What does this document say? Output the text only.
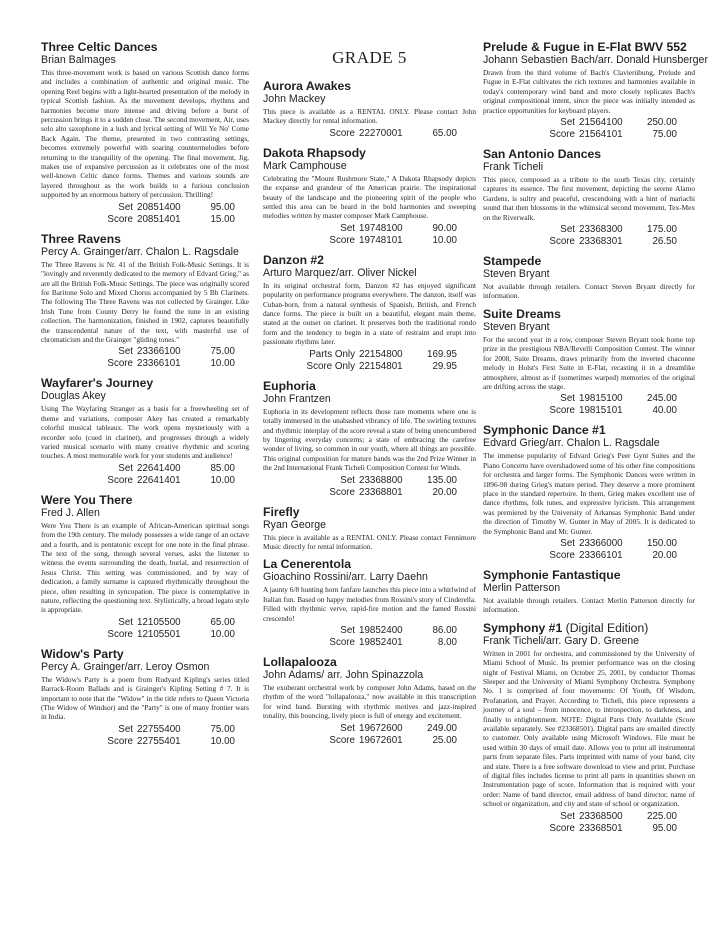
Three Celtic Dances
Brian Balmages
This three-movement work is based on various Scottish dance forms and includes a combination of authentic and original music. The opening Reel begins with a light-hearted presentation of the melody in typical Scottish fashion. As the movement develops, rhythms and harmonies become more intense and driving before a burst of percussion brings it to a sudden close. The second movement, Air, uses solo alto saxophone in a lush and lyrical setting of Will Ye No' Come Back Again. The theme, presented in two contrasting settings, becomes extremely powerful with soaring countermelodies before returning to the tranquility of the opening. The final movement, Jig, makes use of expansive percussion as it celebrates one of the most well-known Celtic dance forms. Themes and various sounds are layered throughout as the work builds to a furious conclusion supported by an enormous battery of percussion. Thrilling!
Set 20851400	95.00
Score 20851401	15.00
Three Ravens
Percy A. Grainger/arr. Chalon L. Ragsdale
The Three Ravens is Nr. 41 of the British Folk-Music Settings. It is "lovingly and reverently dedicated to the memory of Edvard Grieg," as are all the British Folk-Music Settings. The piece was originally scored for Baritone Solo and Mixed Chorus accompanied by 5 Bb Clarinets. The following The Three Ravens was not collected by Grainger. Like Irish Tune from County Derry he found the tune in an existing collection. The harmonization, finished in 1902, captures beautifully the transcendental nature of the text, with masterful use of chromaticism and the Grainger "gliding tones."
Set 23366100	75.00
Score 23366101	10.00
Wayfarer's Journey
Douglas Akey
Using The Wayfaring Stranger as a basis for a freewheeling set of theme and variations, composer Akey has created a remarkably colorful musical tableaux. The work opens mysteriously with a recorder solo (cued in clarinet), and progresses through a widely varied musical scenario with many creative rhythmic and scoring touches. A most memorable work for your students and audience!
Set 22641400	85.00
Score 22641401	10.00
Were You There
Fred J. Allen
Were You There is an example of African-American spiritual songs from the 19th century. The melody possesses a wide range of an octave and a fourth, and is pentatonic except for one note in the final phrase. The text of the song, through several verses, asks the listener to witness the events surrounding the death, burial, and resurrection of Jesus Christ. This setting was commissioned, and by way of dedication, a family surname is captured rhythmically throughout the piece, often resulting in syncopation. The piece is contemplative in nature, reflecting the questioning text. Stylistically, a broad legato style is appropriate.
Set 12105500	65.00
Score 12105501	10.00
Widow's Party
Percy A. Grainger/arr. Leroy Osmon
The Widow's Party is a poem from Rudyard Kipling's series titled Barrack-Room Ballads and is Grainger's Kipling Setting # 7. It is important to note that the "Widow" in the title refers to Queen Victoria (The Widow of Windsor) and the "Party" is one of many frontier wars in India.
Set 22755400	75.00
Score 22755401	10.00
GRADE 5
Aurora Awakes
John Mackey
This piece is available as a RENTAL ONLY. Please contact John Mackey directly for rental information.
Score 22270001	65.00
Dakota Rhapsody
Mark Camphouse
Celebrating the "Mount Rushmore State," A Dakota Rhapsody depicts the expanse and grandeur of the American prairie. The inspirational beauty of the landscape and the pioneering spirit of the people who settled this area can be heard in the bold harmonies and sweeping melodies written by master composer Mark Camphouse.
Set 19748100	90.00
Score 19748101	10.00
Danzon #2
Arturo Marquez/arr. Oliver Nickel
In its original orchestral form, Danzon #2 has enjoyed significant popularity on performance programs everywhere. The danzon, itself was Cuban-born, from a natural synthesis of Spanish, British, and French dance forms. The piece is built on a beautiful, elegant main theme, stated at the outset on clarinet. It preserves both the traditional rondo form and the tendency to begin in a state of restraint and erupt into passionate rhythms later.
Parts Only 22154800	169.95
Score Only 22154801	29.95
Euphoria
John Frantzen
Euphoria in its development reflects those rare moments where one is totally immersed in the unabashed vibrancy of life. The swirling textures and rhythmic interplay of the score reveal a state of being unencumbered by lingering everyday concerns; a state of embracing the carefree wonder of living, so common in our youth, where all things are possible. This original composition for mature bands was the 2nd Prize Winner in the 2nd International Frank Ticheli Composition Contest for Winds.
Set 23368800	135.00
Score 23368801	20.00
Firefly
Ryan George
This piece is available as a RENTAL ONLY. Please contact Fennimore Music directly for rental information.
La Cenerentola
Gioachino Rossini/arr. Larry Daehn
A jaunty 6/8 hunting horn fanfare launches this piece into a whirlwind of Italian fun. Based on happy melodies from Rossini's story of Cinderella. Filled with rhythmic verve, rapid-fire motion and the famed Rossini crescendo!
Set 19852400	86.00
Score 19852401	8.00
Lollapalooza
John Adams/ arr. John Spinazzola
The exuberant orchestral work by composer John Adams, based on the rhythm of the word "lollapalooza," now available in this transcription for wind band. Bursting with rhythmic motives and jazz-inspired tonality, this bouncing, lively piece is full of energy and excitement.
Set 19672600	249.00
Score 19672601	25.00
Prelude & Fugue in E-Flat BWV 552
Johann Sebastien Bach/arr. Donald Hunsberger
Drawn from the third volume of Bach's Clavierübung, Prelude and Fugue in E-Flat cultivates the rich textures and harmonies available in today's contemporary wind band and more closely replicates Bach's original compositional intent, since the piece was initially intended as practice opportunities for keyboard players.
Set 21564100	250.00
Score 21564101	75.00
San Antonio Dances
Frank Ticheli
This piece, composed as a tribute to the south Texas city, certainly captures its essence. The first movement, depicting the serene Alamo Gardens, is sultry and peaceful, crescendoing with a hint of mariachi sound that then blossoms in the whimsical second movement, Tex-Mex on the Riverwalk.
Set 23368300	175.00
Score 23368301	26.50
Stampede
Steven Bryant
Not available through retailers. Contact Steven Bryant directly for information.
Suite Dreams
Steven Bryant
For the second year in a row, composer Steven Bryant took home top prize in the prestigious NBA/Revelli Composition Contest. The winner for 2008, Suite Dreams, draws primarily from the inverted chaconne melody in Holst's First Suite in E-Flat, recasting it in a dreamlike atmosphere, almost as if (sometimes warped) memories of the original are drifting across the stage.
Set 19815100	245.00
Score 19815101	40.00
Symphonic Dance #1
Edvard Grieg/arr. Chalon L. Ragsdale
The immense popularity of Edvard Grieg's Peer Gynt Suites and the Piano Concerto have overshadowed some of his other fine compositions for orchestra and larger forms. The Symphonic Dances were written in 1896-98 during Grieg's mature period. They deserve a more prominent place in the standard repertoire. In them, Grieg makes excellent use of dance rhythms, folk tunes, and expressive lyricism. This arrangement was premiered by the University of Arkansas Symphonic Band under the direction of Timothy W. Gunter in May of 2005. It is dedicated to the Symphonic Band and Mr. Gunter.
Set 23366000	150.00
Score 23366101	20.00
Symphonie Fantastique
Merlin Patterson
Not available through retailers. Contact Merlin Patterson directly for information.
Symphony #1 (Digital Edition)
Frank Ticheli/arr. Gary D. Greene
Written in 2001 for orchestra, and commissioned by the University of Miami School of Music. Its premier performance was on the closing night of Festival Miami, on October 25, 2001, by conductor Thomas Sleeper and the University of Miami Symphony Orchestra. Symphony No. 1 is comprised of four movements: Of Youth, Of Wisdom, Profanation, and Prayer. According to Ticheli, this piece represents a journey of a soul – from innocence, to introspection, to darkness, and finally to enlightenment. NOTE: Digital Parts Only Available (Score available separately. See #23368501). Digital parts are emailed directly to customer. Only available using Microsoft Windows. File must be used within 30 days of email date. Allows you to print all instrumental parts from separate files. Parts imprinted with name of your band, city and state. There is a free software download to view and print. Purchase of digital files includes license to print all parts in quantities shown on Instrumentation page of score. Information that is required with your order: Name of band director, email address of band director, name of school or organization, and city and state of school or organization.
Set 23368500	225.00
Score 23368501	95.00
